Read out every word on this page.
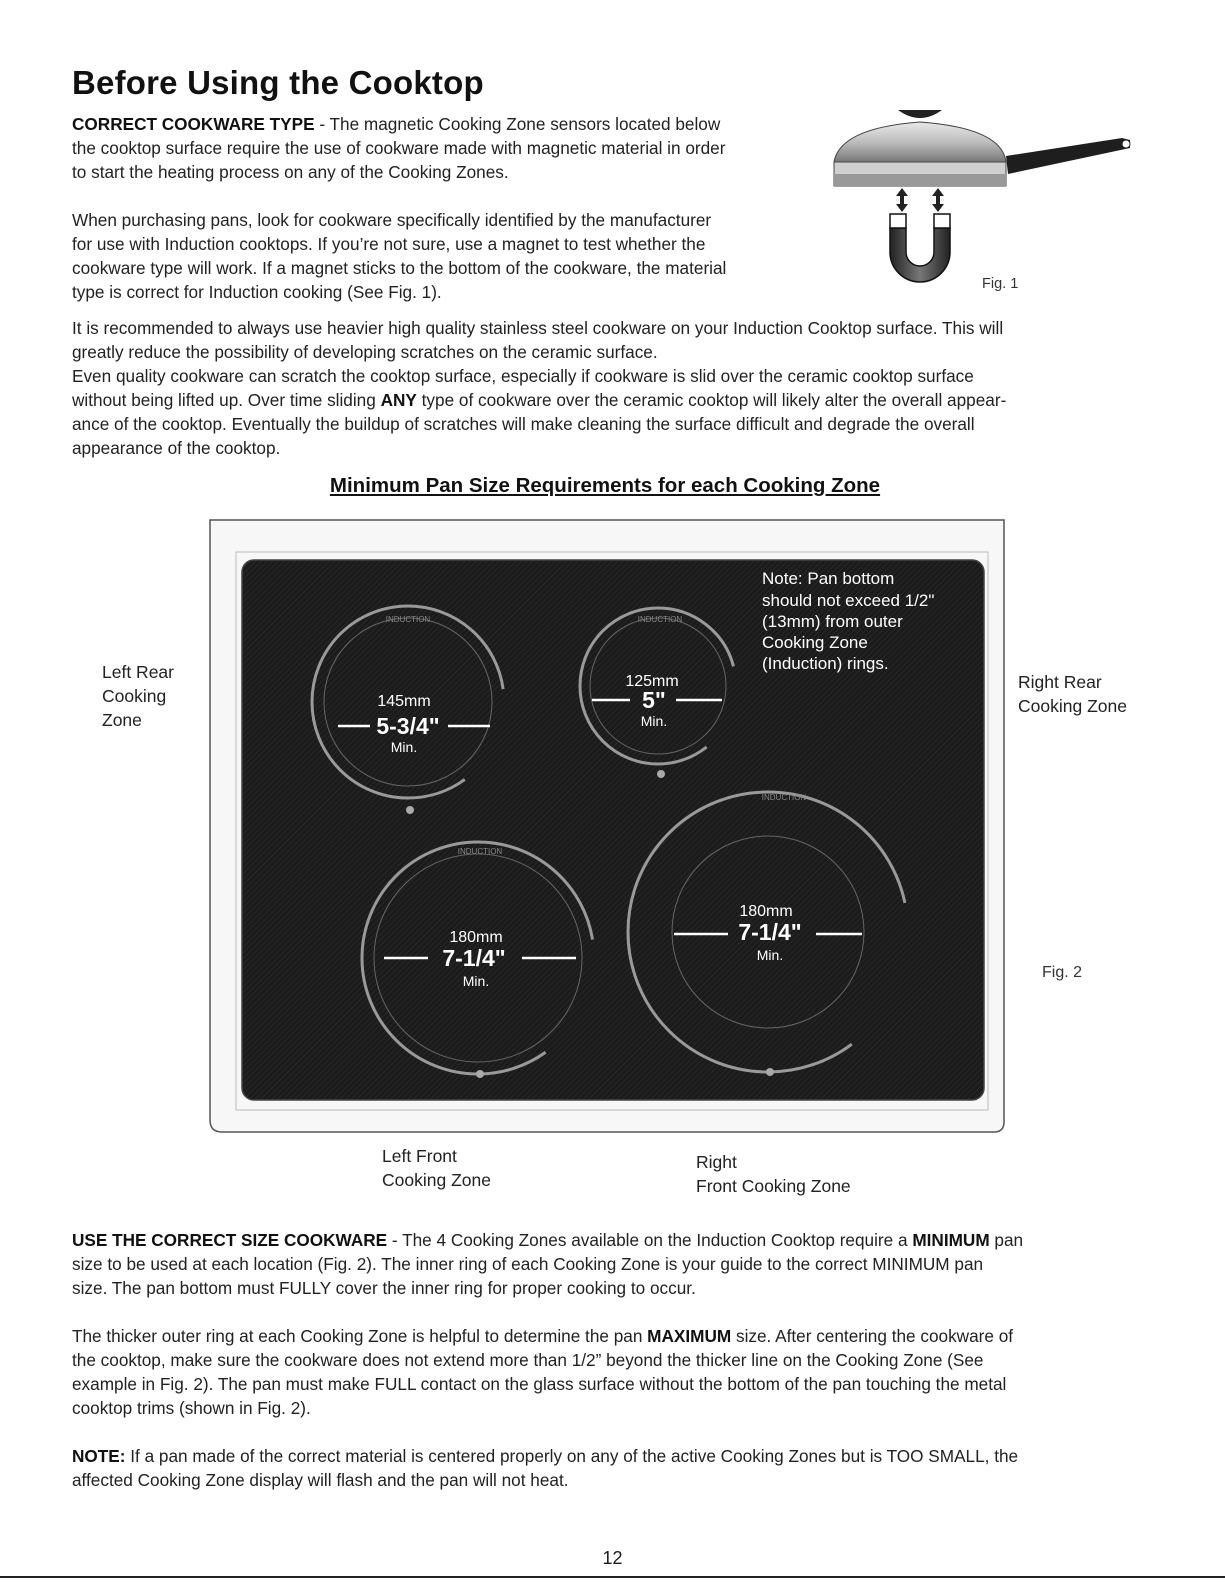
Before Using the Cooktop

CORRECT COOKWARE TYPE - The magnetic Cooking Zone sensors located below
the cooktop surface require the use of cookware made with magnetic material in order
to start the heating process on any of the Cooking Zones.

When purchasing pans, look for cookware specifically identified by the manufacturer
for use with Induction cooktops. If you’re not sure, use a magnet to test whether the
cookware type will work. If a magnet sticks to the bottom of the cookware, the material
type is correct for Induction cooking (See Fig. 1).	Fig. 1

It is recommended to always use heavier high quality stainless steel cookware on your Induction Cooktop surface. This will
greatly reduce the possibility of developing scratches on the ceramic surface.
Even quality cookware can scratch the cooktop surface, especially if cookware is slid over the ceramic cooktop surface
without being lifted up. Over time sliding ANY type of cookware over the ceramic cooktop will likely alter the overall appear-
ance of the cooktop. Eventually the buildup of scratches will make cleaning the surface difficult and degrade the overall
appearance of the cooktop.

Minimum Pan Size Requirements for each Cooking Zone

Left Rear
Cooking
Zone
Right Rear
Cooking Zone
Left Front
Cooking Zone
Right
Front Cooking Zone
Fig. 2
INDUCTION
145mm
5-3/4"
Min.
INDUCTION
125mm
5"
Min.
Note: Pan bottom
should not exceed 1/2"
(13mm) from outer
Cooking Zone
(Induction) rings.
INDUCTION
180mm
7-1/4"
Min.
INDUCTION
180mm
7-1/4"
Min.

USE THE CORRECT SIZE COOKWARE - The 4 Cooking Zones available on the Induction Cooktop require a MINIMUM pan
size to be used at each location (Fig. 2). The inner ring of each Cooking Zone is your guide to the correct MINIMUM pan
size. The pan bottom must FULLY cover the inner ring for proper cooking to occur.

The thicker outer ring at each Cooking Zone is helpful to determine the pan MAXIMUM size. After centering the cookware of
the cooktop, make sure the cookware does not extend more than 1/2” beyond the thicker line on the Cooking Zone (See
example in Fig. 2). The pan must make FULL contact on the glass surface without the bottom of the pan touching the metal
cooktop trims (shown in Fig. 2).

NOTE: If a pan made of the correct material is centered properly on any of the active Cooking Zones but is TOO SMALL, the
affected Cooking Zone display will flash and the pan will not heat.

12
